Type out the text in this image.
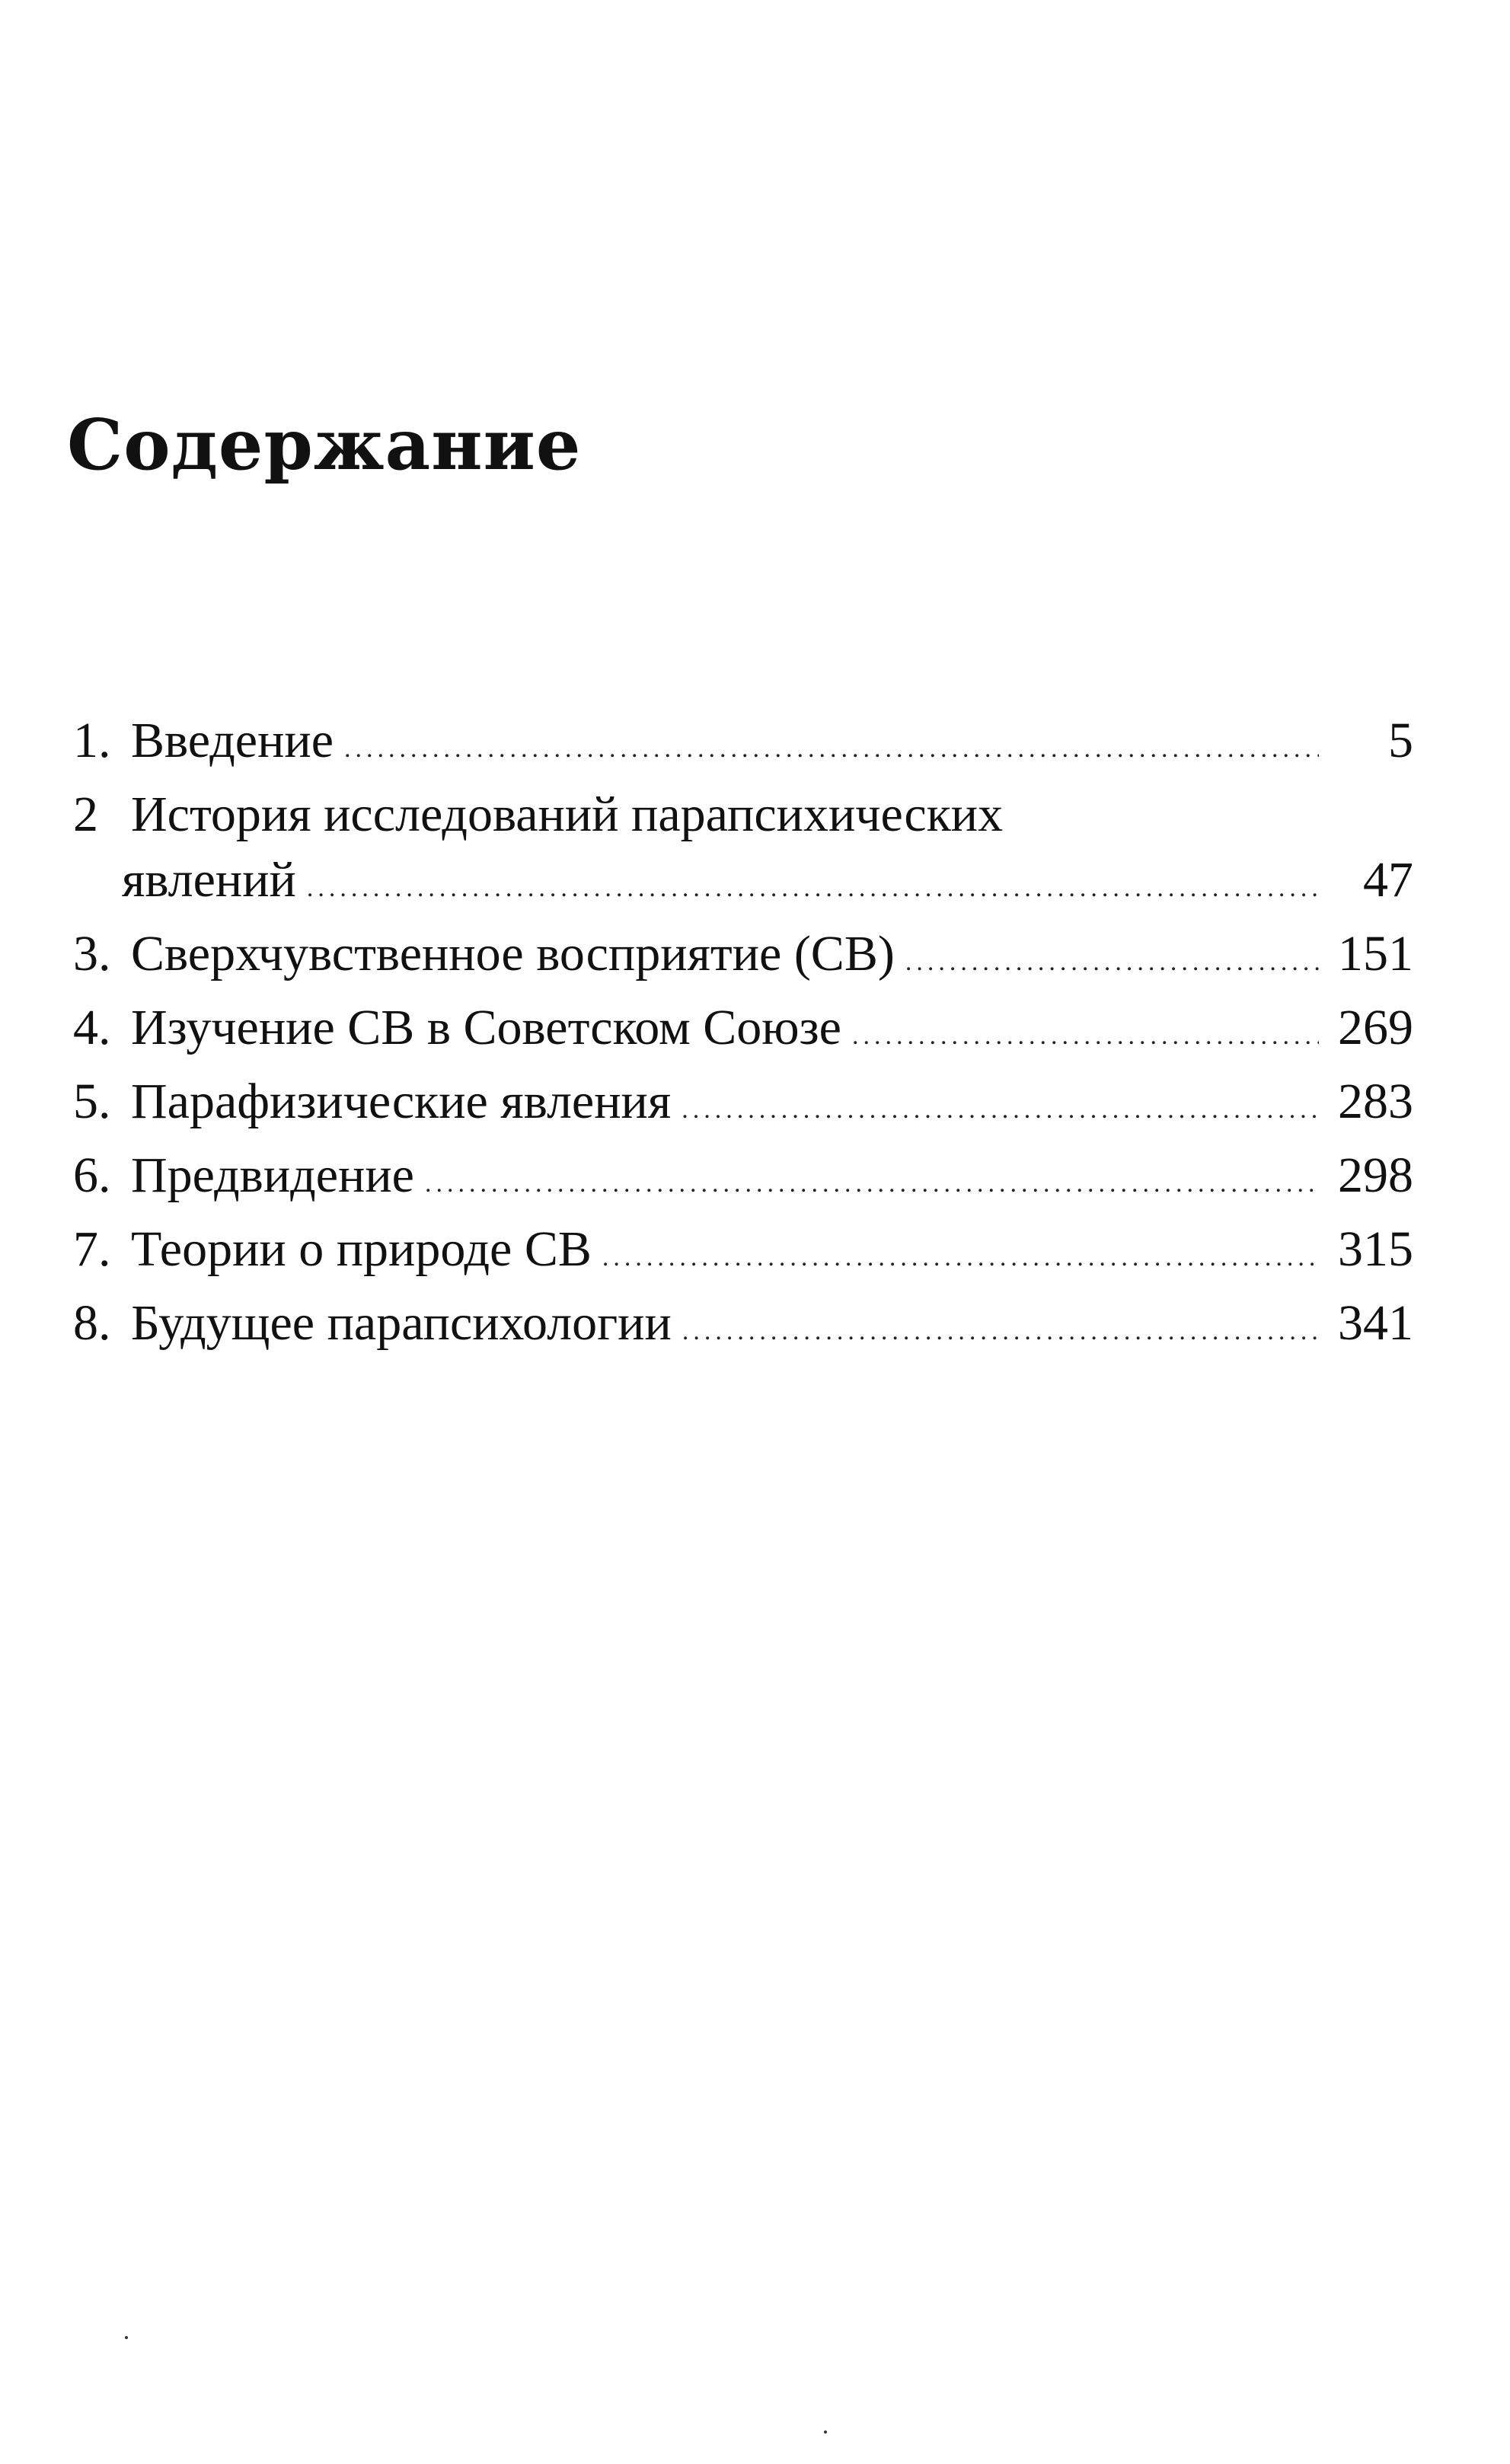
Содержание
1. Введение .....	5
2 История исследований парапсихических
явлений .....	47
3. Сверхчувственное восприятие (СВ) .....	151
4. Изучение СВ в Советском Союзе .....	269
5. Парафизические явления .....	283
6. Предвидение .....	298
7. Теории о природе СВ .....	315
8. Будущее парапсихологии .....	341
